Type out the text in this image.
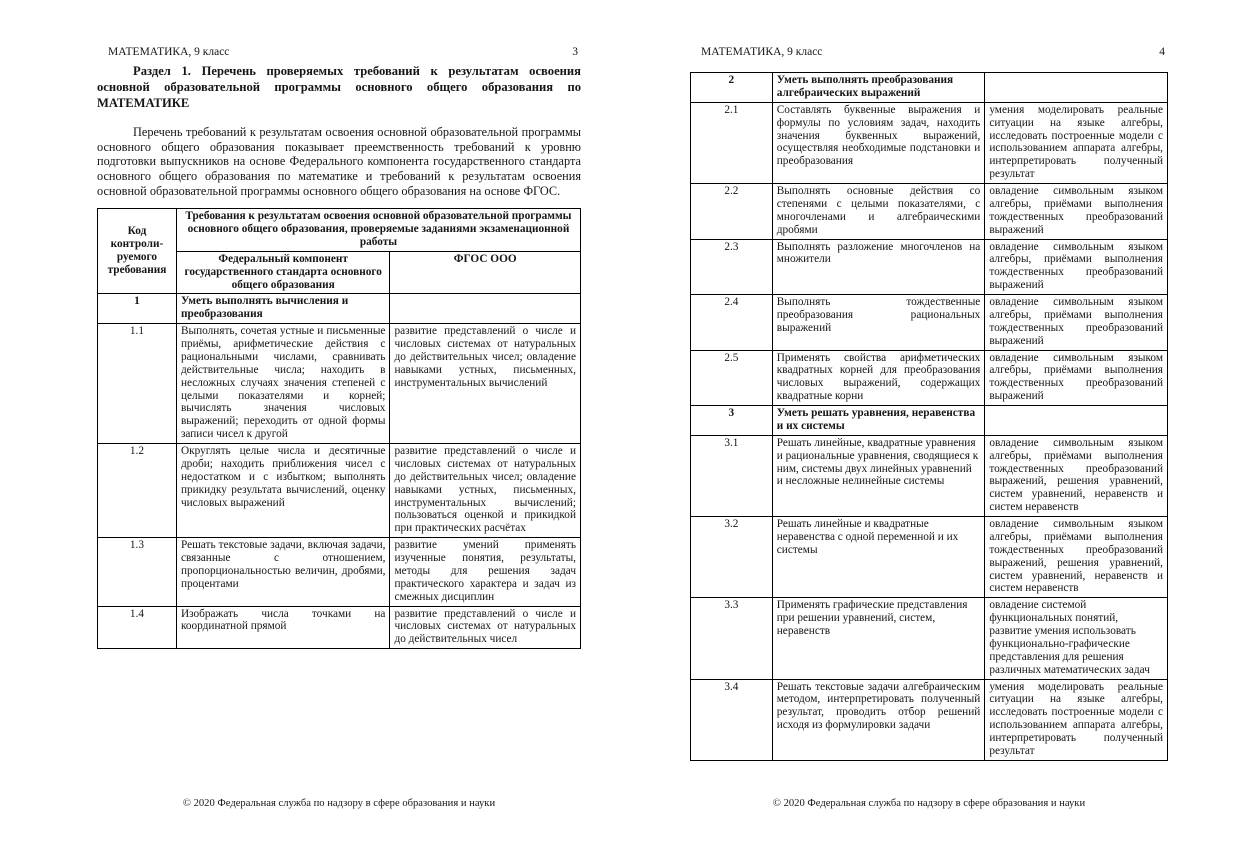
МАТЕМАТИКА, 9 класс	3
Раздел 1. Перечень проверяемых требований к результатам освоения основной образовательной программы основного общего образования по МАТЕМАТИКЕ
Перечень требований к результатам освоения основной образовательной программы основного общего образования показывает преемственность требований к уровню подготовки выпускников на основе Федерального компонента государственного стандарта основного общего образования по математике и требований к результатам освоения основной образовательной программы основного общего образования на основе ФГОС.
Код контроли-руемого требования	Требования к результатам освоения основной образовательной программы основного общего образования, проверяемые заданиями экзаменационной работы	
	Федеральный компонент государственного стандарта основного общего образования	ФГОС ООО
1	Уметь выполнять вычисления и преобразования	
1.1	Выполнять, сочетая устные и письменные приёмы, арифметические действия с рациональными числами, сравнивать действительные числа; находить в несложных случаях значения степеней с целыми показателями и корней; вычислять значения числовых выражений; переходить от одной формы записи чисел к другой	развитие представлений о числе и числовых системах от натуральных до действительных чисел; овладение навыками устных, письменных, инструментальных вычислений
1.2	Округлять целые числа и десятичные дроби; находить приближения чисел с недостатком и с избытком; выполнять прикидку результата вычислений, оценку числовых выражений	развитие представлений о числе и числовых системах от натуральных до действительных чисел; овладение навыками устных, письменных, инструментальных вычислений; пользоваться оценкой и прикидкой при практических расчётах
1.3	Решать текстовые задачи, включая задачи, связанные с отношением, пропорциональностью величин, дробями, процентами	развитие умений применять изученные понятия, результаты, методы для решения задач практического характера и задач из смежных дисциплин
1.4	Изображать числа точками на координатной прямой	развитие представлений о числе и числовых системах от натуральных до действительных чисел
© 2020 Федеральная служба по надзору в сфере образования и науки
МАТЕМАТИКА, 9 класс	4
2	Уметь выполнять преобразования алгебраических выражений	
2.1	Составлять буквенные выражения и формулы по условиям задач, находить значения буквенных выражений, осуществляя необходимые подстановки и преобразования	умения моделировать реальные ситуации на языке алгебры, исследовать построенные модели с использованием аппарата алгебры, интерпретировать полученный результат
2.2	Выполнять основные действия со степенями с целыми показателями, с многочленами и алгебраическими дробями	овладение символьным языком алгебры, приёмами выполнения тождественных преобразований выражений
2.3	Выполнять разложение многочленов на множители	овладение символьным языком алгебры, приёмами выполнения тождественных преобразований выражений
2.4	Выполнять тождественные преобразования рациональных выражений	овладение символьным языком алгебры, приёмами выполнения тождественных преобразований выражений
2.5	Применять свойства арифметических квадратных корней для преобразования числовых выражений, содержащих квадратные корни	овладение символьным языком алгебры, приёмами выполнения тождественных преобразований выражений
3	Уметь решать уравнения, неравенства и их системы	
3.1	Решать линейные, квадратные уравнения и рациональные уравнения, сводящиеся к ним, системы двух линейных уравнений и несложные нелинейные системы	овладение символьным языком алгебры, приёмами выполнения тождественных преобразований выражений, решения уравнений, систем уравнений, неравенств и систем неравенств
3.2	Решать линейные и квадратные неравенства с одной переменной и их системы	овладение символьным языком алгебры, приёмами выполнения тождественных преобразований выражений, решения уравнений, систем уравнений, неравенств и систем неравенств
3.3	Применять графические представления при решении уравнений, систем, неравенств	овладение системой функциональных понятий, развитие умения использовать функционально-графические представления для решения различных математических задач
3.4	Решать текстовые задачи алгебраическим методом, интерпретировать полученный результат, проводить отбор решений исходя из формулировки задачи	умения моделировать реальные ситуации на языке алгебры, исследовать построенные модели с использованием аппарата алгебры, интерпретировать полученный результат
© 2020 Федеральная служба по надзору в сфере образования и науки
